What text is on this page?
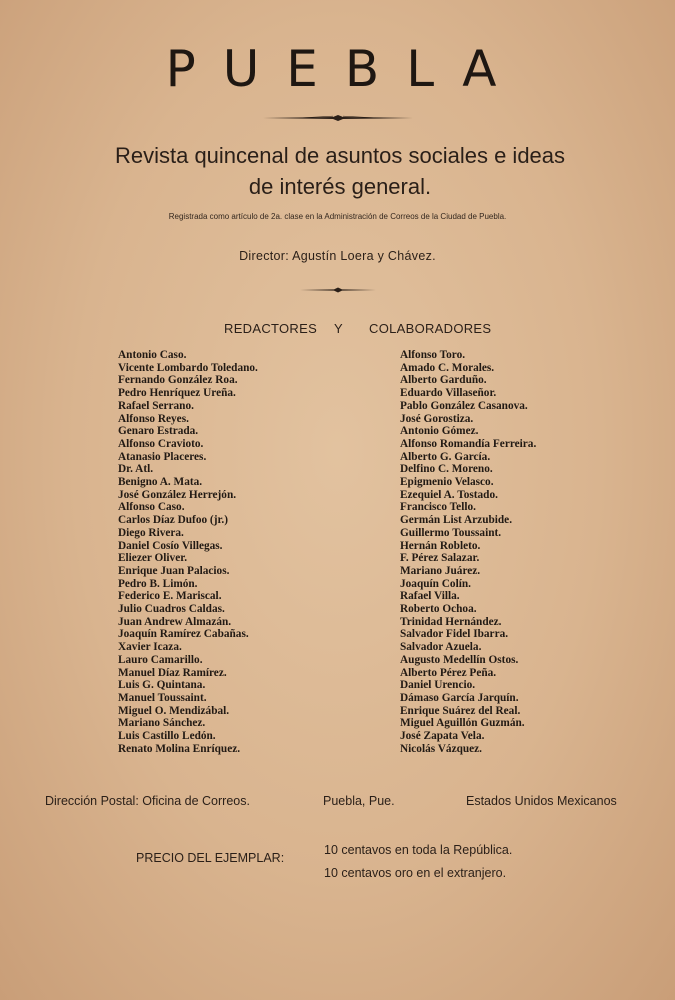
PUEBLA
Revista quincenal de asuntos sociales e ideas
de interés general.
Registrada como artículo de 2a. clase en la Administración de Correos de la Ciudad de Puebla.
Director: Agustín Loera y Chávez.
REDACTORES Y COLABORADORES
Antonio Caso.
Vicente Lombardo Toledano.
Fernando González Roa.
Pedro Henríquez Ureña.
Rafael Serrano.
Alfonso Reyes.
Genaro Estrada.
Alfonso Cravioto.
Atanasio Placeres.
Dr. Atl.
Benigno A. Mata.
José González Herrejón.
Alfonso Caso.
Carlos Díaz Dufoo (jr.)
Diego Rivera.
Daniel Cosío Villegas.
Eliezer Oliver.
Enrique Juan Palacios.
Pedro B. Limón.
Federico E. Mariscal.
Julio Cuadros Caldas.
Juan Andrew Almazán.
Joaquín Ramírez Cabañas.
Xavier Icaza.
Lauro Camarillo.
Manuel Díaz Ramírez.
Luis G. Quintana.
Manuel Toussaint.
Miguel O. Mendizábal.
Mariano Sánchez.
Luis Castillo Ledón.
Renato Molina Enríquez.
Alfonso Toro.
Amado C. Morales.
Alberto Garduño.
Eduardo Villaseñor.
Pablo González Casanova.
José Gorostiza.
Antonio Gómez.
Alfonso Romandía Ferreira.
Alberto G. García.
Delfino C. Moreno.
Epigmenio Velasco.
Ezequiel A. Tostado.
Francisco Tello.
Germán List Arzubide.
Guillermo Toussaint.
Hernán Robleto.
F. Pérez Salazar.
Mariano Juárez.
Joaquín Colín.
Rafael Villa.
Roberto Ochoa.
Trinidad Hernández.
Salvador Fidel Ibarra.
Salvador Azuela.
Augusto Medellín Ostos.
Alberto Pérez Peña.
Daniel Urencio.
Dámaso García Jarquín.
Enrique Suárez del Real.
Miguel Aguillón Guzmán.
José Zapata Vela.
Nicolás Vázquez.
Dirección Postal: Oficina de Correos.	Puebla, Pue.	Estados Unidos Mexicanos
PRECIO DEL EJEMPLAR:
10 centavos en toda la República.
10 centavos oro en el extranjero.
